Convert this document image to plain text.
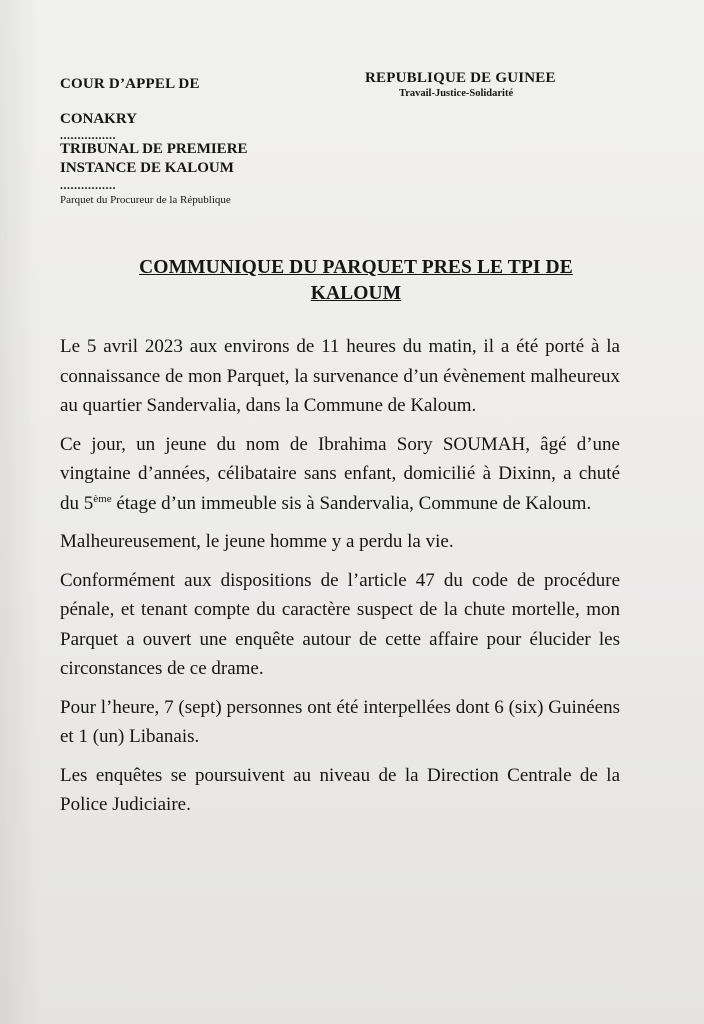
COUR D’APPEL DE
CONAKRY
................
TRIBUNAL DE PREMIERE
INSTANCE DE KALOUM
................
Parquet du Procureur de la République
REPUBLIQUE DE GUINEE
Travail-Justice-Solidarité
COMMUNIQUE DU PARQUET PRES LE TPI DE
KALOUM

Le 5 avril 2023 aux environs de 11 heures du matin, il a été porté à la connaissance de mon Parquet, la survenance d’un évènement malheureux au quartier Sandervalia, dans la Commune de Kaloum.

Ce jour, un jeune du nom de Ibrahima Sory SOUMAH, âgé d’une vingtaine d’années, célibataire sans enfant, domicilié à Dixinn, a chuté du 5ème étage d’un immeuble sis à Sandervalia, Commune de Kaloum.

Malheureusement, le jeune homme y a perdu la vie.

Conformément aux dispositions de l’article 47 du code de procédure pénale, et tenant compte du caractère suspect de la chute mortelle, mon Parquet a ouvert une enquête autour de cette affaire pour élucider les circonstances de ce drame.

Pour l’heure, 7 (sept) personnes ont été interpellées dont 6 (six) Guinéens et 1 (un) Libanais.

Les enquêtes se poursuivent au niveau de la Direction Centrale de la Police Judiciaire.
